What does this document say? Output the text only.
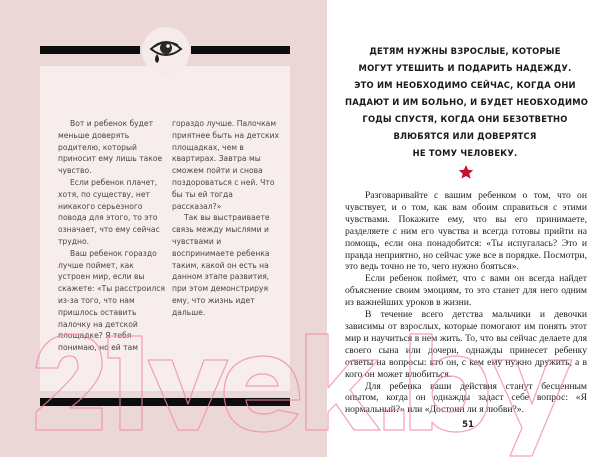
Вот и ребенок будет меньше доверять родителю, который приносит ему лишь такое чувство.

Если ребенок плачет, хотя, по существу, нет никакого серьезного повода для этого, то это означает, что ему сейчас трудно.

Ваш ребенок гораздо лучше поймет, как устроен мир, если вы скажете: «Ты расстроился из-за того, что нам пришлось оставить палочку на детской площадке? Я тебя понимаю, но ей там

гораздо лучше. Палочкам приятнее быть на детских площадках, чем в квартирах. Завтра мы сможем пойти и снова поздороваться с ней. Что бы ты ей тогда рассказал?»

Так вы выстраиваете связь между мыслями и чувствами и воспринимаете ребенка таким, какой он есть на данном этапе развития, при этом демонстрируя ему, что жизнь идет дальше.

ДЕТЯМ НУЖНЫ ВЗРОСЛЫЕ, КОТОРЫЕ
МОГУТ УТЕШИТЬ И ПОДАРИТЬ НАДЕЖДУ.
ЭТО ИМ НЕОБХОДИМО СЕЙЧАС, КОГДА ОНИ
ПАДАЮТ И ИМ БОЛЬНО, И БУДЕТ НЕОБХОДИМО
ГОДЫ СПУСТЯ, КОГДА ОНИ БЕЗОТВЕТНО
ВЛЮБЯТСЯ ИЛИ ДОВЕРЯТСЯ
НЕ ТОМУ ЧЕЛОВЕКУ.

Разговаривайте с вашим ребенком о том, что он чувствует, и о том, как вам обоим справиться с этими чувствами. Покажите ему, что вы его принимаете, разделяете с ним его чувства и всегда готовы прийти на помощь, если она понадобится: «Ты испугалась? Это и правда неприятно, но сейчас уже все в порядке. Посмотри, это ведь точно не то, чего нужно бояться».

Если ребенок поймет, что с вами он всегда найдет объяснение своим эмоциям, то это станет для него одним из важнейших уроков в жизни.

В течение всего детства мальчики и девочки зависимы от взрослых, которые помогают им понять этот мир и научиться в нем жить. То, что вы сейчас делаете для своего сына или дочери, однажды принесет ребенку ответы на вопросы: кто он, с кем ему нужно дружить, а в кого он может влюбиться.

Для ребенка ваши действия станут бесценным опытом, когда он однажды задаст себе вопрос: «Я нормальный?» или «Достоин ли я любви?».

51
